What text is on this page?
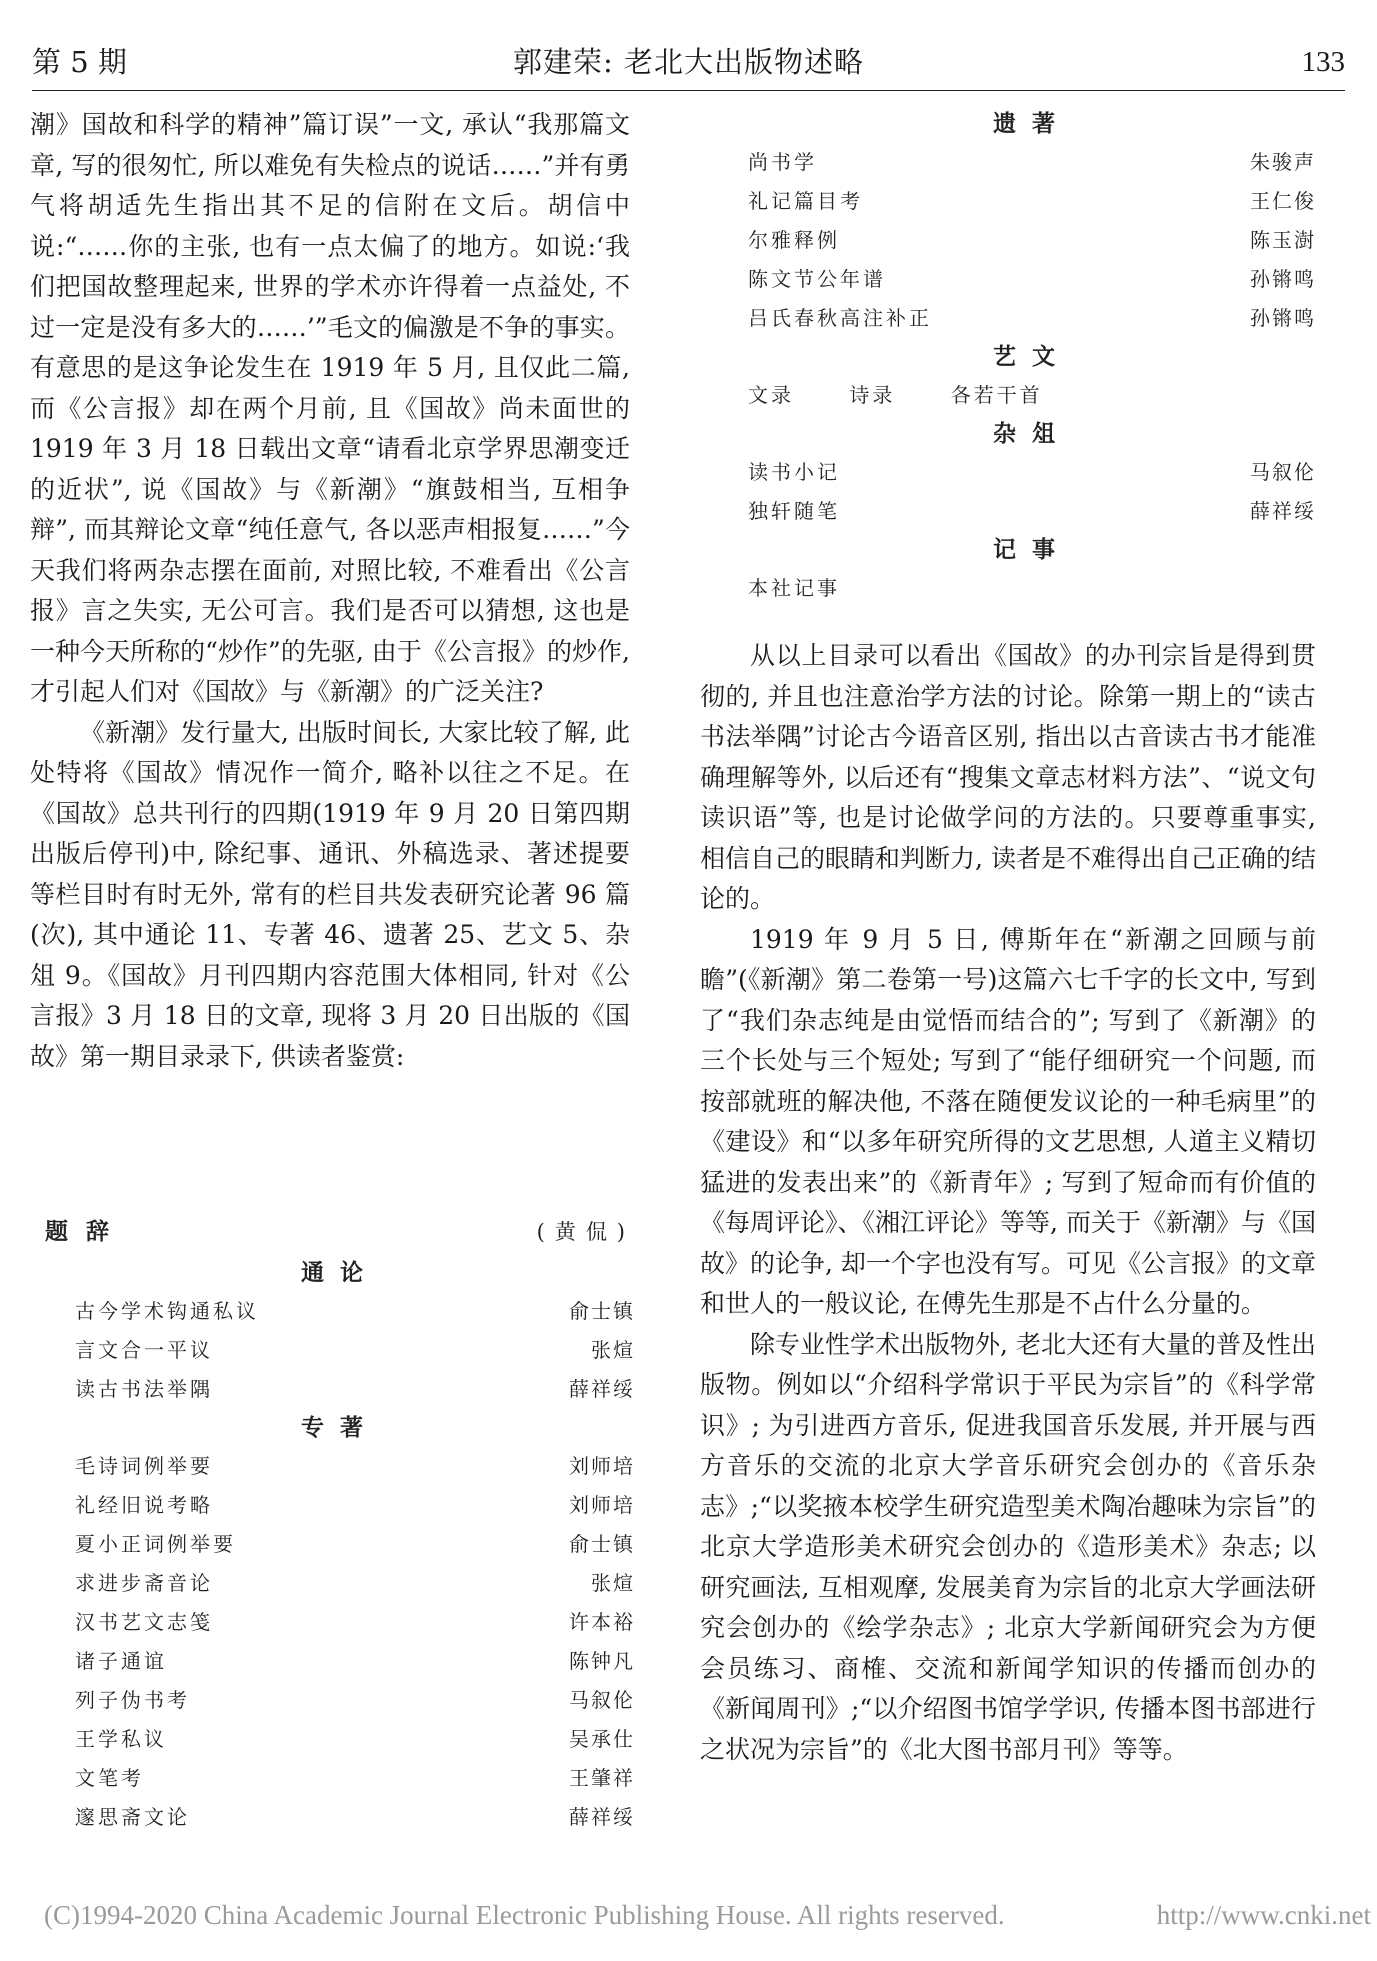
第 5 期	郭建荣: 老北大出版物述略	133

潮》国故和科学的精神”篇订误”一文, 承认“我那篇文章, 写的很匆忙, 所以难免有失检点的说话……”并有勇气将胡适先生指出其不足的信附在文后。胡信中说:“……你的主张, 也有一点太偏了的地方。如说:‘我们把国故整理起来, 世界的学术亦许得着一点益处, 不过一定是没有多大的……’”毛文的偏激是不争的事实。有意思的是这争论发生在 1919 年 5 月, 且仅此二篇, 而《公言报》却在两个月前, 且《国故》尚未面世的 1919 年 3 月 18 日载出文章“请看北京学界思潮变迁的近状”, 说《国故》与《新潮》“旗鼓相当, 互相争辩”, 而其辩论文章“纯任意气, 各以恶声相报复……”今天我们将两杂志摆在面前, 对照比较, 不难看出《公言报》言之失实, 无公可言。我们是否可以猜想, 这也是一种今天所称的“炒作”的先驱, 由于《公言报》的炒作, 才引起人们对《国故》与《新潮》的广泛关注?

《新潮》发行量大, 出版时间长, 大家比较了解, 此处特将《国故》情况作一简介, 略补以往之不足。在《国故》总共刊行的四期(1919 年 9 月 20 日第四期出版后停刊)中, 除纪事、通讯、外稿选录、著述提要等栏目时有时无外, 常有的栏目共发表研究论著 96 篇(次), 其中通论 11、专著 46、遗著 25、艺文 5、杂俎 9。《国故》月刊四期内容范围大体相同, 针对《公言报》3 月 18 日的文章, 现将 3 月 20 日出版的《国故》第一期目录录下, 供读者鉴赏:

题辞	(黄侃)
通论
古今学术钩通私议	俞士镇
言文合一平议	张煊
读古书法举隅	薛祥绥
专著
毛诗词例举要	刘师培
礼经旧说考略	刘师培
夏小正词例举要	俞士镇
求进步斋音论	张煊
汉书艺文志笺	许本裕
诸子通谊	陈钟凡
列子伪书考	马叙伦
王学私议	吴承仕
文笔考	王肇祥
邃思斋文论	薛祥绥
遗著
尚书学	朱骏声
礼记篇目考	王仁俊
尔雅释例	陈玉澍
陈文节公年谱	孙锵鸣
吕氏春秋高注补正	孙锵鸣
艺文
文录	诗录	各若干首
杂俎
读书小记	马叙伦
独轩随笔	薛祥绥
记事
本社记事

从以上目录可以看出《国故》的办刊宗旨是得到贯彻的, 并且也注意治学方法的讨论。除第一期上的“读古书法举隅”讨论古今语音区别, 指出以古音读古书才能准确理解等外, 以后还有“搜集文章志材料方法”、“说文句读识语”等, 也是讨论做学问的方法的。只要尊重事实, 相信自己的眼睛和判断力, 读者是不难得出自己正确的结论的。

1919 年 9 月 5 日, 傅斯年在“新潮之回顾与前瞻”(《新潮》第二卷第一号)这篇六七千字的长文中, 写到了“我们杂志纯是由觉悟而结合的”; 写到了《新潮》的三个长处与三个短处; 写到了“能仔细研究一个问题, 而按部就班的解决他, 不落在随便发议论的一种毛病里”的《建设》和“以多年研究所得的文艺思想, 人道主义精切猛进的发表出来”的《新青年》; 写到了短命而有价值的《每周评论》、《湘江评论》等等, 而关于《新潮》与《国故》的论争, 却一个字也没有写。可见《公言报》的文章和世人的一般议论, 在傅先生那是不占什么分量的。

除专业性学术出版物外, 老北大还有大量的普及性出版物。例如以“介绍科学常识于平民为宗旨”的《科学常识》; 为引进西方音乐, 促进我国音乐发展, 并开展与西方音乐的交流的北京大学音乐研究会创办的《音乐杂志》;“以奖掖本校学生研究造型美术陶冶趣味为宗旨”的北京大学造形美术研究会创办的《造形美术》杂志; 以研究画法, 互相观摩, 发展美育为宗旨的北京大学画法研究会创办的《绘学杂志》; 北京大学新闻研究会为方便会员练习、商榷、交流和新闻学知识的传播而创办的《新闻周刊》;“以介绍图书馆学学识, 传播本图书部进行之状况为宗旨”的《北大图书部月刊》等等。

(C)1994-2020 China Academic Journal Electronic Publishing House. All rights reserved.	http://www.cnki.net
